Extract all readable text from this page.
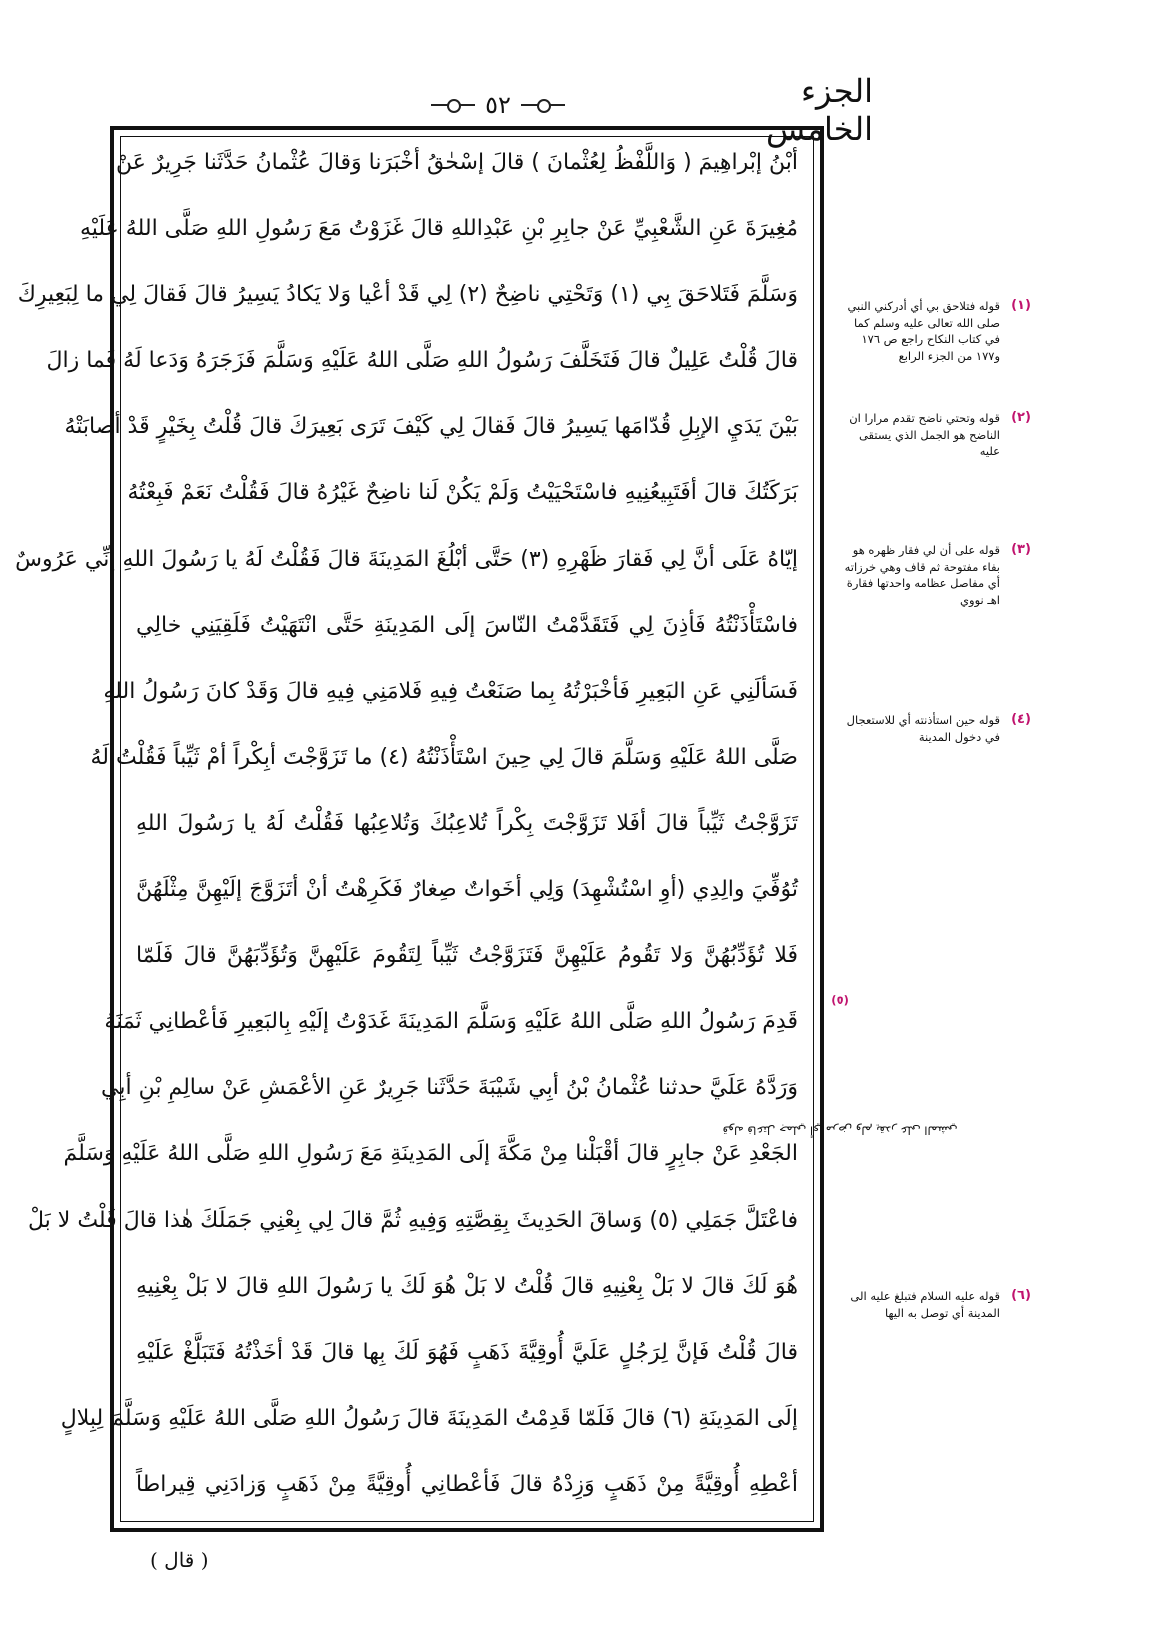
الجزء الخامس
٥٢
أبْنُ إبْراهِيمَ ( وَاللَّفْظُ لِعُثْمانَ ) قالَ إسْحٰقُ أخْبَرَنا وَقالَ عُثْمانُ حَدَّثَنا جَرِيرٌ عَنْ
مُغِيرَةَ عَنِ الشَّعْبِيِّ عَنْ جابِرِ بْنِ عَبْدِاللهِ قالَ غَزَوْتُ مَعَ رَسُولِ اللهِ صَلَّى اللهُ عَلَيْهِ
وَسَلَّمَ فَتَلاحَقَ بِي (١) وَتَحْتِي ناضِحٌ (٢) لِي قَدْ أعْيا وَلا يَكادُ يَسِيرُ قالَ فَقالَ لِي ما لِبَعِيرِكَ
قالَ قُلْتُ عَلِيلٌ قالَ فَتَخَلَّفَ رَسُولُ اللهِ صَلَّى اللهُ عَلَيْهِ وَسَلَّمَ فَزَجَرَهُ وَدَعا لَهُ فَما زالَ
بَيْنَ يَدَيِ الإبِلِ قُدّامَها يَسِيرُ قالَ فَقالَ لِي كَيْفَ تَرَى بَعِيرَكَ قالَ قُلْتُ بِخَيْرٍ قَدْ أصابَتْهُ
بَرَكَتُكَ قالَ أفَتَبِيعُنِيهِ فاسْتَحْيَيْتُ وَلَمْ يَكُنْ لَنا ناضِحٌ غَيْرُهُ قالَ فَقُلْتُ نَعَمْ فَبِعْتُهُ
إيّاهُ عَلَى أنَّ لِي فَقارَ ظَهْرِهِ (٣) حَتَّى أبْلُغَ المَدِينَةَ قالَ فَقُلْتُ لَهُ يا رَسُولَ اللهِ إنِّي عَرُوسٌ
فاسْتَأْذَنْتُهُ فَأذِنَ لِي فَتَقَدَّمْتُ النّاسَ إلَى المَدِينَةِ حَتَّى انْتَهَيْتُ فَلَقِيَنِي خالِي
فَسَألَنِي عَنِ البَعِيرِ فَأخْبَرْتُهُ بِما صَنَعْتُ فِيهِ فَلامَنِي فِيهِ قالَ وَقَدْ كانَ رَسُولُ اللهِ
صَلَّى اللهُ عَلَيْهِ وَسَلَّمَ قالَ لِي حِينَ اسْتَأْذَنْتُهُ (٤) ما تَزَوَّجْتَ أبِكْراً أمْ ثَيِّباً فَقُلْتُ لَهُ
تَزَوَّجْتُ ثَيِّباً قالَ أفَلا تَزَوَّجْتَ بِكْراً تُلاعِبُكَ وَتُلاعِبُها فَقُلْتُ لَهُ يا رَسُولَ اللهِ
تُوُفِّيَ والِدِي (أوِ اسْتُشْهِدَ) وَلِي أخَواتٌ صِغارٌ فَكَرِهْتُ أنْ أتَزَوَّجَ إلَيْهِنَّ مِثْلَهُنَّ
فَلا تُؤَدِّبُهُنَّ وَلا تَقُومُ عَلَيْهِنَّ فَتَزَوَّجْتُ ثَيِّباً لِتَقُومَ عَلَيْهِنَّ وَتُؤَدِّبَهُنَّ قالَ فَلَمّا
قَدِمَ رَسُولُ اللهِ صَلَّى اللهُ عَلَيْهِ وَسَلَّمَ المَدِينَةَ غَدَوْتُ إلَيْهِ بِالبَعِيرِ فَأعْطانِي ثَمَنَهُ
وَرَدَّهُ عَلَيَّ حدثنا عُثْمانُ بْنُ أبِي شَيْبَةَ حَدَّثَنا جَرِيرٌ عَنِ الأعْمَشِ عَنْ سالِمِ بْنِ أبِي
الجَعْدِ عَنْ جابِرٍ قالَ أقْبَلْنا مِنْ مَكَّةَ إلَى المَدِينَةِ مَعَ رَسُولِ اللهِ صَلَّى اللهُ عَلَيْهِ وَسَلَّمَ
فاعْتَلَّ جَمَلِي (٥) وَساقَ الحَدِيثَ بِقِصَّتِهِ وَفِيهِ ثُمَّ قالَ لِي بِعْنِي جَمَلَكَ هٰذا قالَ قُلْتُ لا بَلْ
هُوَ لَكَ قالَ لا بَلْ بِعْنِيهِ قالَ قُلْتُ لا بَلْ هُوَ لَكَ يا رَسُولَ اللهِ قالَ لا بَلْ بِعْنِيهِ
قالَ قُلْتُ فَإنَّ لِرَجُلٍ عَلَيَّ أُوقِيَّةَ ذَهَبٍ فَهُوَ لَكَ بِها قالَ قَدْ أخَذْتُهُ فَتَبَلَّغْ عَلَيْهِ
إلَى المَدِينَةِ (٦) قالَ فَلَمّا قَدِمْتُ المَدِينَةَ قالَ رَسُولُ اللهِ صَلَّى اللهُ عَلَيْهِ وَسَلَّمَ لِبِلالٍ
أعْطِهِ أُوقِيَّةً مِنْ ذَهَبٍ وَزِدْهُ قالَ فَأعْطانِي أُوقِيَّةً مِنْ ذَهَبٍ وَزادَنِي قِيراطاً
(١)
قوله فتلاحق بي أي أدركني النبي صلى الله تعالى عليه وسلم كما في كتاب النكاح راجع ص ١٧٦ و١٧٧ من الجزء الرابع
(٢)
قوله وتحتي ناضح تقدم مرارا ان الناضح هو الجمل الذي يستقى عليه
(٣)
قوله على أن لي فقار ظهره هو بفاء مفتوحة ثم قاف وهي خرزاته أي مفاصل عظامه واحدتها فقارة اهـ نووي
(٤)
قوله حين استأذنته أي للاستعجال في دخول المدينة
(٦)
قوله عليه السلام فتبلغ عليه الى المدينة أي توصل به اليها
(٥) قوله فاعتل جملي أي مرض ولم يقدر على المشي
( قال )
